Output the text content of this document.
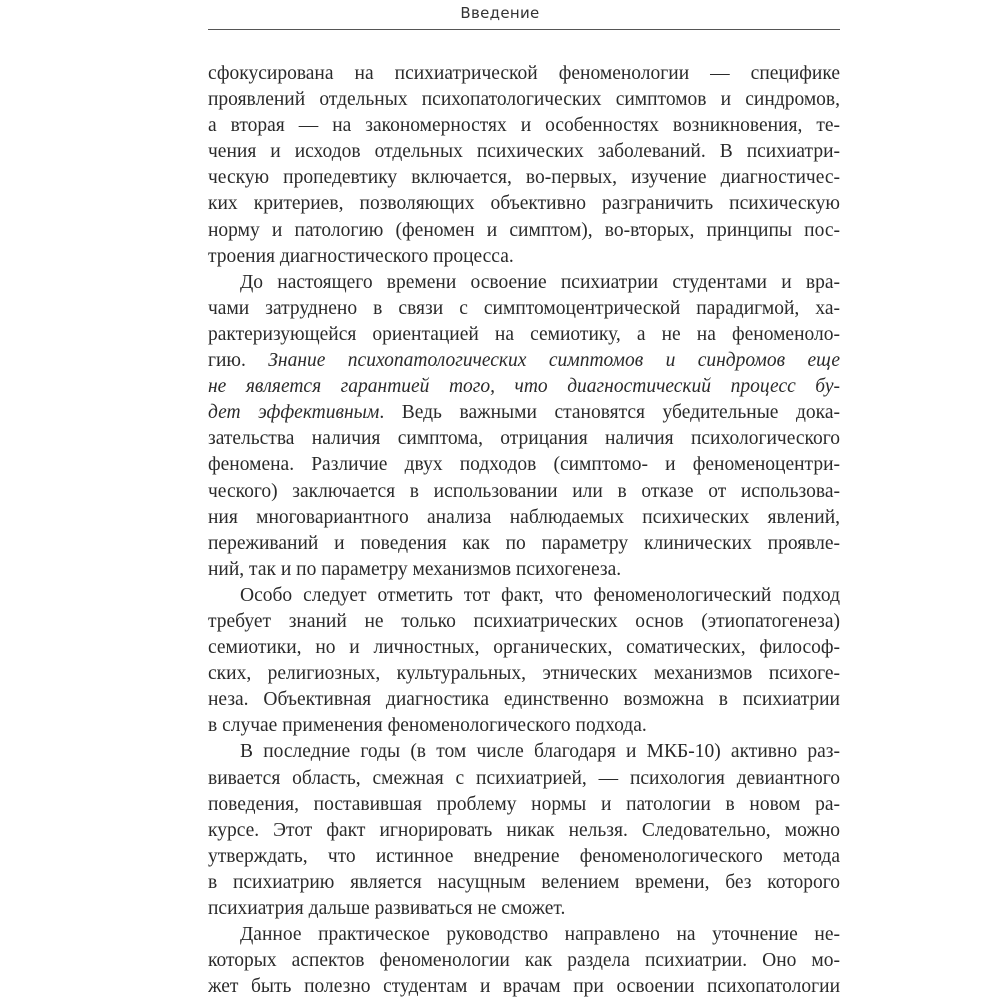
Введение
сфокусирована на психиатрической феноменологии — специфике
проявлений отдельных психопатологических симптомов и синдромов,
а вторая — на закономерностях и особенностях возникновения, те-
чения и исходов отдельных психических заболеваний. В психиатри-
ческую пропедевтику включается, во-первых, изучение диагностичес-
ких критериев, позволяющих объективно разграничить психическую
норму и патологию (феномен и симптом), во-вторых, принципы пос-
троения диагностического процесса.
До настоящего времени освоение психиатрии студентами и вра-
чами затруднено в связи с симптомоцентрической парадигмой, ха-
рактеризующейся ориентацией на семиотику, а не на феноменоло-
гию. Знание психопатологических симптомов и синдромов еще
не является гарантией того, что диагностический процесс бу-
дет эффективным. Ведь важными становятся убедительные дока-
зательства наличия симптома, отрицания наличия психологического
феномена. Различие двух подходов (симптомо- и феноменоцентри-
ческого) заключается в использовании или в отказе от использова-
ния многовариантного анализа наблюдаемых психических явлений,
переживаний и поведения как по параметру клинических проявле-
ний, так и по параметру механизмов психогенеза.
Особо следует отметить тот факт, что феноменологический подход
требует знаний не только психиатрических основ (этиопатогенеза)
семиотики, но и личностных, органических, соматических, философ-
ских, религиозных, культуральных, этнических механизмов психоге-
неза. Объективная диагностика единственно возможна в психиатрии
в случае применения феноменологического подхода.
В последние годы (в том числе благодаря и МКБ-10) активно раз-
вивается область, смежная с психиатрией, — психология девиантного
поведения, поставившая проблему нормы и патологии в новом ра-
курсе. Этот факт игнорировать никак нельзя. Следовательно, можно
утверждать, что истинное внедрение феноменологического метода
в психиатрию является насущным велением времени, без которого
психиатрия дальше развиваться не сможет.
Данное практическое руководство направлено на уточнение не-
которых аспектов феноменологии как раздела психиатрии. Оно мо-
жет быть полезно студентам и врачам при освоении психопатологии
